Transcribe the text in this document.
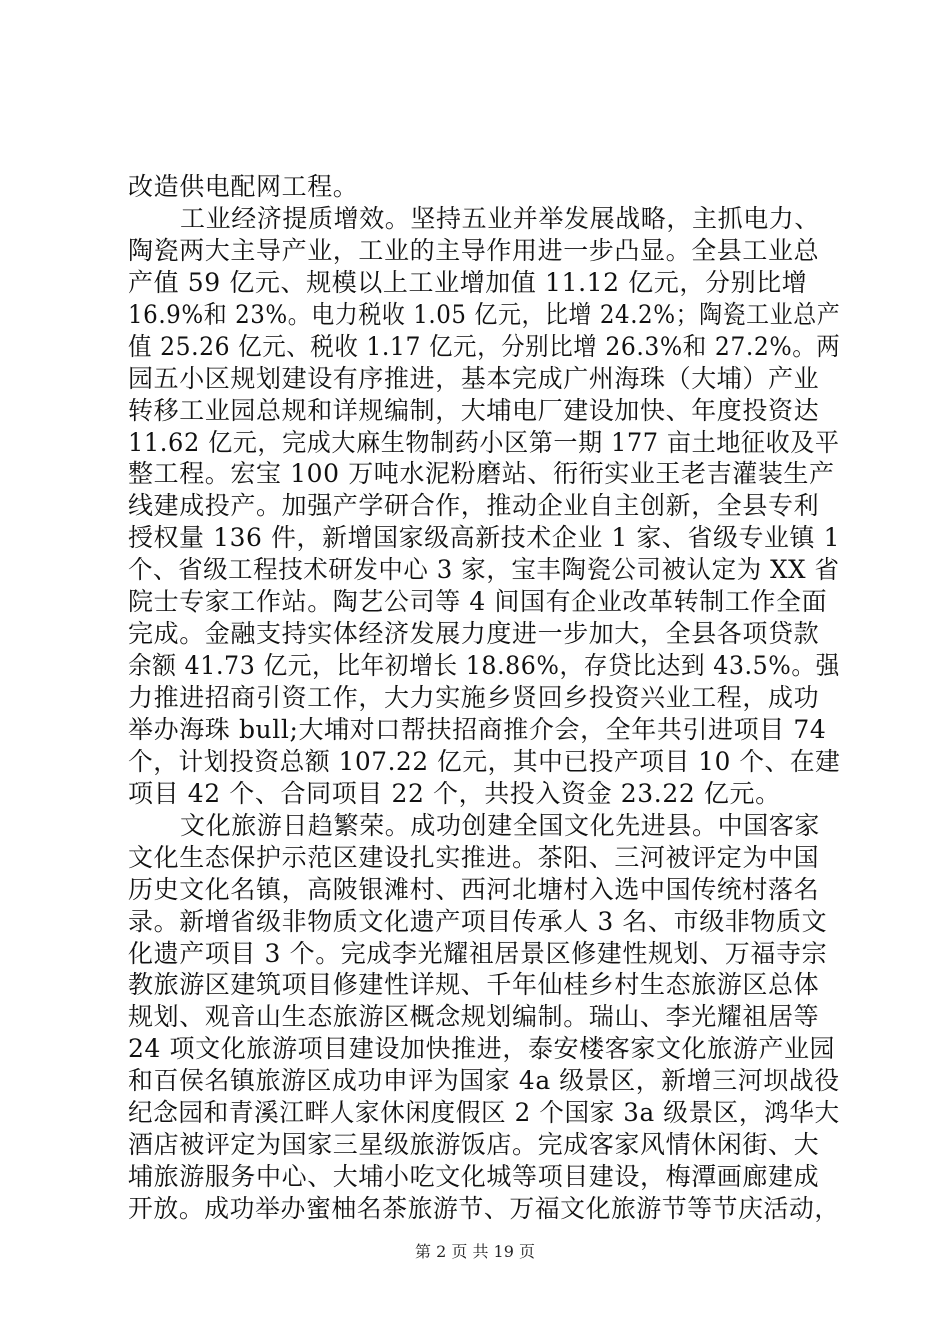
改造供电配网工程。
工业经济提质增效。坚持五业并举发展战略，主抓电力、
陶瓷两大主导产业，工业的主导作用进一步凸显。全县工业总
产值 59 亿元、规模以上工业增加值 11.12 亿元，分别比增
16.9%和 23%。电力税收 1.05 亿元，比增 24.2%；陶瓷工业总产
值 25.26 亿元、税收 1.17 亿元，分别比增 26.3%和 27.2%。两
园五小区规划建设有序推进，基本完成广州海珠（大埔）产业
转移工业园总规和详规编制，大埔电厂建设加快、年度投资达
11.62 亿元，完成大麻生物制药小区第一期 177 亩土地征收及平
整工程。宏宝 100 万吨水泥粉磨站、衎衎实业王老吉灌装生产
线建成投产。加强产学研合作，推动企业自主创新，全县专利
授权量 136 件，新增国家级高新技术企业 1 家、省级专业镇 1
个、省级工程技术研发中心 3 家，宝丰陶瓷公司被认定为 XX 省
院士专家工作站。陶艺公司等 4 间国有企业改革转制工作全面
完成。金融支持实体经济发展力度进一步加大，全县各项贷款
余额 41.73 亿元，比年初增长 18.86%，存贷比达到 43.5%。强
力推进招商引资工作，大力实施乡贤回乡投资兴业工程，成功
举办海珠 bull;大埔对口帮扶招商推介会，全年共引进项目 74
个，计划投资总额 107.22 亿元，其中已投产项目 10 个、在建
项目 42 个、合同项目 22 个，共投入资金 23.22 亿元。
文化旅游日趋繁荣。成功创建全国文化先进县。中国客家
文化生态保护示范区建设扎实推进。茶阳、三河被评定为中国
历史文化名镇，高陂银滩村、西河北塘村入选中国传统村落名
录。新增省级非物质文化遗产项目传承人 3 名、市级非物质文
化遗产项目 3 个。完成李光耀祖居景区修建性规划、万福寺宗
教旅游区建筑项目修建性详规、千年仙桂乡村生态旅游区总体
规划、观音山生态旅游区概念规划编制。瑞山、李光耀祖居等
24 项文化旅游项目建设加快推进，泰安楼客家文化旅游产业园
和百侯名镇旅游区成功申评为国家 4a 级景区，新增三河坝战役
纪念园和青溪江畔人家休闲度假区 2 个国家 3a 级景区，鸿华大
酒店被评定为国家三星级旅游饭店。完成客家风情休闲街、大
埔旅游服务中心、大埔小吃文化城等项目建设，梅潭画廊建成
开放。成功举办蜜柚名茶旅游节、万福文化旅游节等节庆活动，
第 2 页 共 19 页
